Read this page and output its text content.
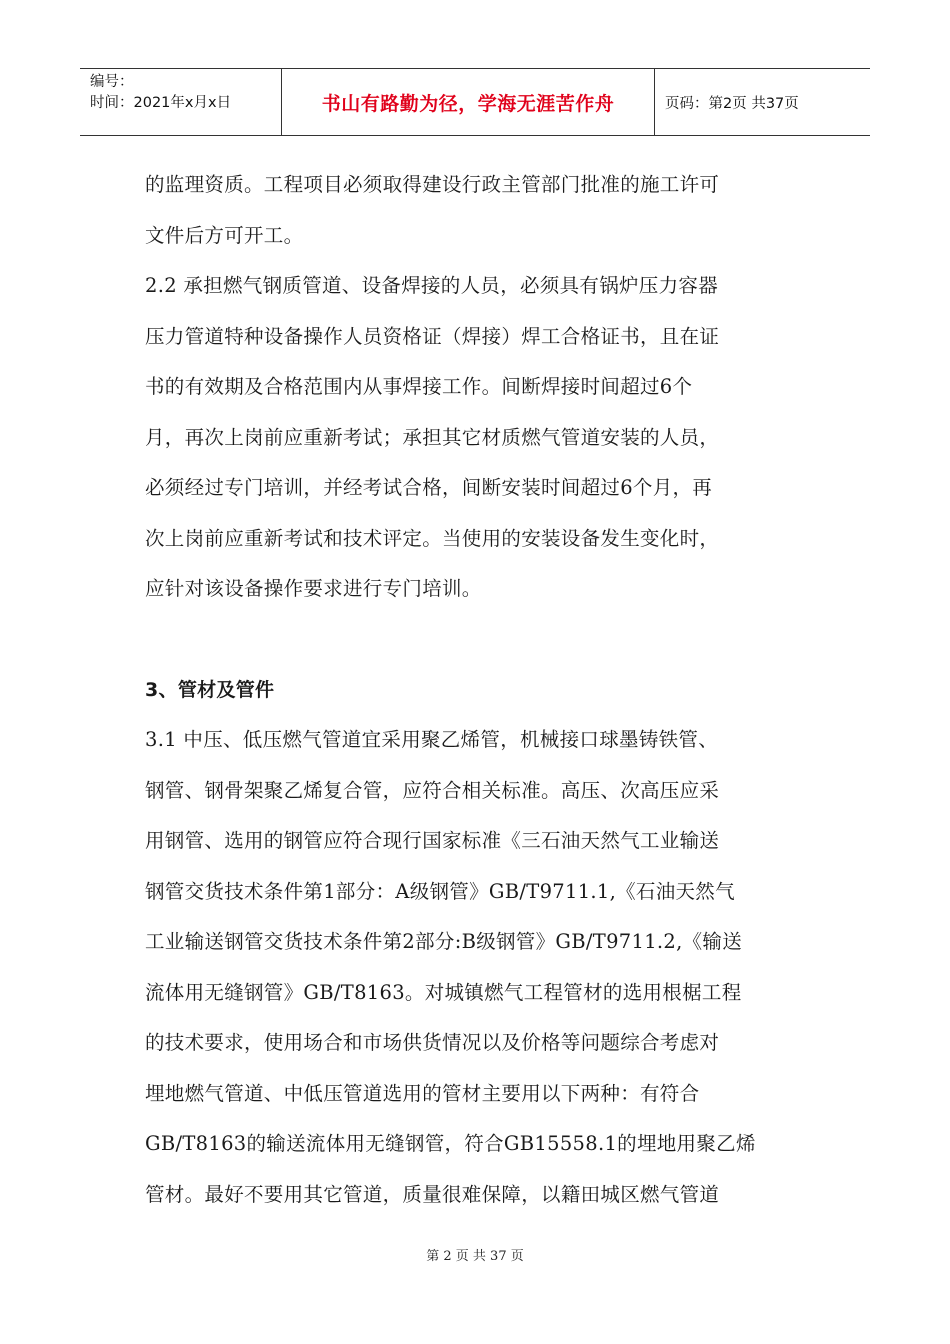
编号：
时间：2021年x月x日	书山有路勤为径，学海无涯苦作舟	页码：第2页 共37页
的监理资质。工程项目必须取得建设行政主管部门批准的施工许可
文件后方可开工。
2.2 承担燃气钢质管道、设备焊接的人员，必须具有锅炉压力容器
压力管道特种设备操作人员资格证（焊接）焊工合格证书，且在证
书的有效期及合格范围内从事焊接工作。间断焊接时间超过6个
月，再次上岗前应重新考试；承担其它材质燃气管道安装的人员，
必须经过专门培训，并经考试合格，间断安装时间超过6个月，再
次上岗前应重新考试和技术评定。当使用的安装设备发生变化时，
应针对该设备操作要求进行专门培训。
3、管材及管件
3.1 中压、低压燃气管道宜采用聚乙烯管，机械接口球墨铸铁管、
钢管、钢骨架聚乙烯复合管，应符合相关标准。高压、次高压应采
用钢管、选用的钢管应符合现行国家标准《三石油天然气工业输送
钢管交货技术条件第1部分：A级钢管》GB/T9711.1,《石油天然气
工业输送钢管交货技术条件第2部分:B级钢管》GB/T9711.2,《输送
流体用无缝钢管》GB/T8163。对城镇燃气工程管材的选用根椐工程
的技术要求，使用场合和市场供货情况以及价格等问题综合考虑对
埋地燃气管道、中低压管道选用的管材主要用以下两种：有符合
GB/T8163的输送流体用无缝钢管，符合GB15558.1的埋地用聚乙烯
管材。最好不要用其它管道，质量很难保障，以籍田城区燃气管道
第 2 页 共 37 页
